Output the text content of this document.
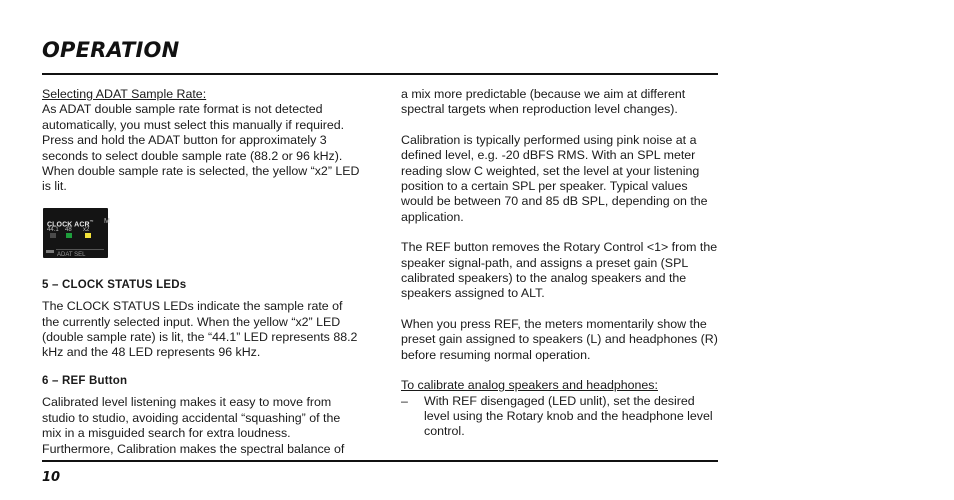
OPERATION

Selecting ADAT Sample Rate:

As ADAT double sample rate format is not detected automatically, you must select this manually if required. Press and hold the ADAT button for approximately 3 seconds to select double sample rate (88.2 or 96 kHz). When double sample rate is selected, the yellow “x2” LED is lit.

CLOCK ACR™ M
44.1 48 x2
ADAT SEL

5 – CLOCK STATUS LEDs

The CLOCK STATUS LEDs indicate the sample rate of the currently selected input. When the yellow “x2” LED (double sample rate) is lit, the “44.1” LED represents 88.2 kHz and the 48 LED represents 96 kHz.

6 – REF Button

Calibrated level listening makes it easy to move from studio to studio, avoiding accidental “squashing” of the mix in a misguided search for extra loudness. Furthermore, Calibration makes the spectral balance of

a mix more predictable (because we aim at different spectral targets when reproduction level changes).

Calibration is typically performed using pink noise at a defined level, e.g. -20 dBFS RMS. With an SPL meter reading slow C weighted, set the level at your listening position to a certain SPL per speaker. Typical values would be between 70 and 85 dB SPL, depending on the application.

The REF button removes the Rotary Control <1> from the speaker signal-path, and assigns a preset gain (SPL calibrated speakers) to the analog speakers and the speakers assigned to ALT.

When you press REF, the meters momentarily show the preset gain assigned to speakers (L) and headphones (R) before resuming normal operation.

To calibrate analog speakers and headphones:

–	With REF disengaged (LED unlit), set the desired level using the Rotary knob and the headphone level control.
10
